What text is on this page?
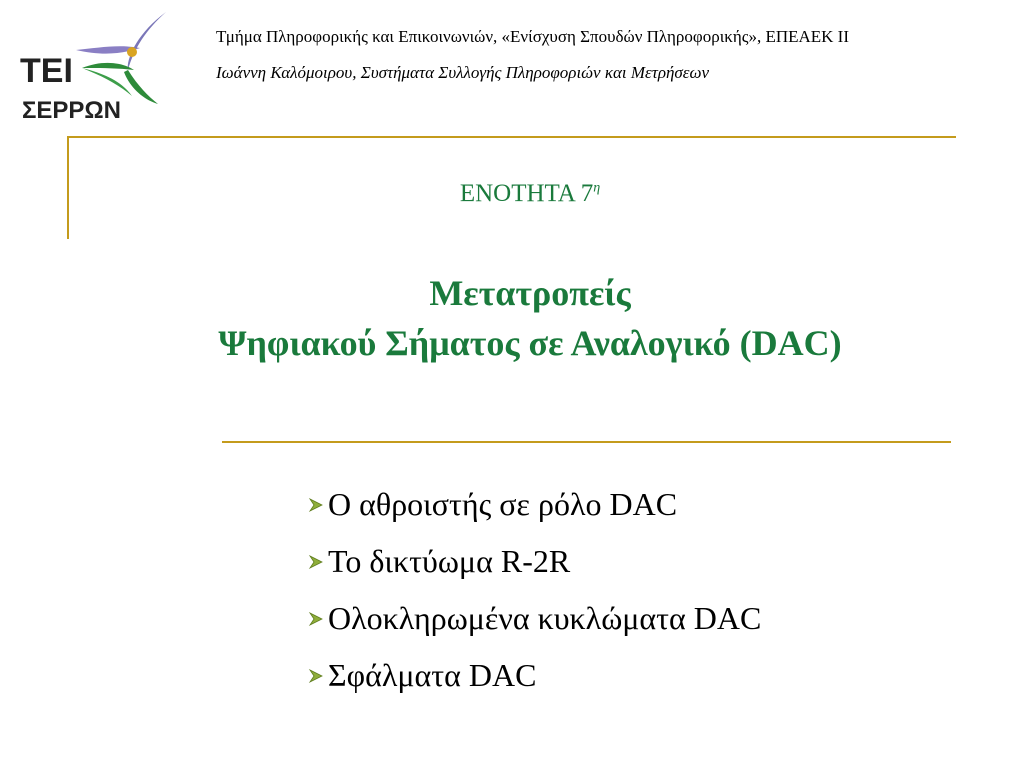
TEI
ΣΕΡΡΩΝ
Τμήμα Πληροφορικής και Επικοινωνιών, «Ενίσχυση Σπουδών Πληροφορικής», ΕΠΕΑΕΚ ΙΙ
Ιωάννη Καλόμοιρου, Συστήματα Συλλογής Πληροφοριών και Μετρήσεων
ΕΝΟΤΗΤΑ $7^\eta$
Μετατροπείς
Ψηφιακού Σήματος σε Αναλογικό (DAC)
Ο αθροιστής σε ρόλο DAC
Το δικτύωμα R-2R
Ολοκληρωμένα κυκλώματα DAC
Σφάλματα DAC
